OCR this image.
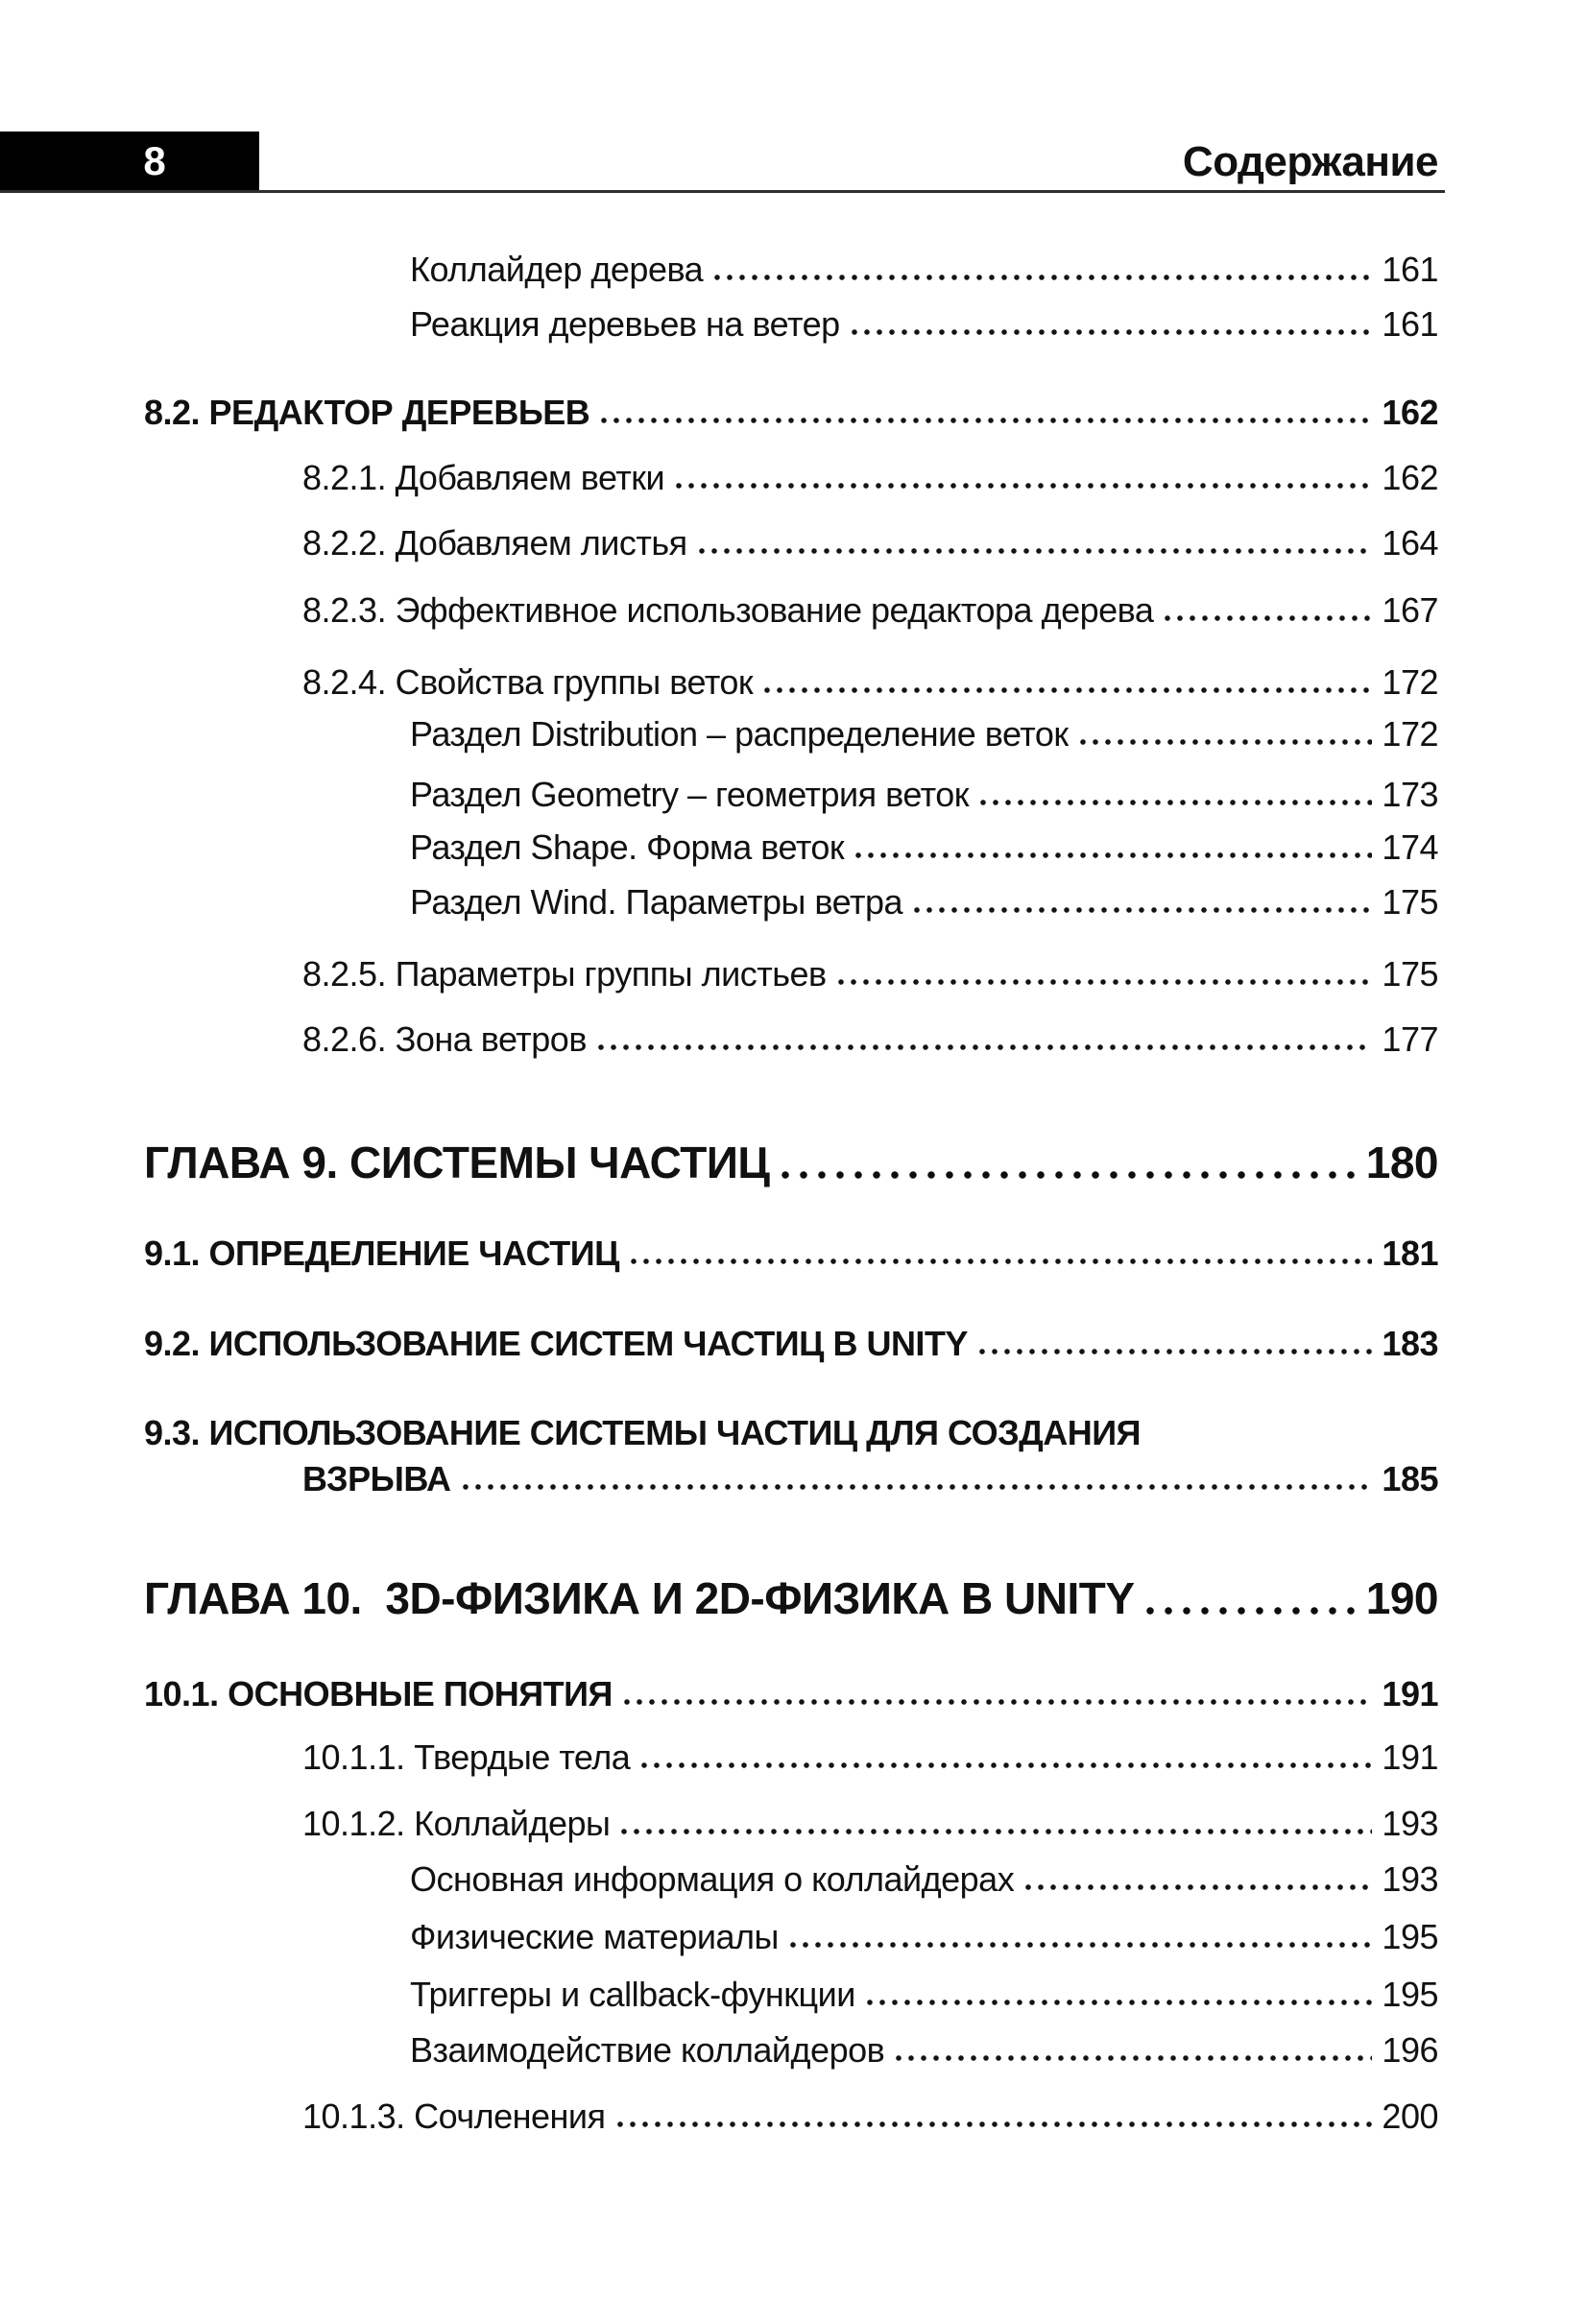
8	Содержание
Коллайдер дерева	161
Реакция деревьев на ветер	161
8.2. РЕДАКТОР ДЕРЕВЬЕВ	162
8.2.1. Добавляем ветки	162
8.2.2. Добавляем листья	164
8.2.3. Эффективное использование редактора дерева	167
8.2.4. Свойства группы веток	172
Раздел Distribution – распределение веток	172
Раздел Geometry – геометрия веток	173
Раздел Shape. Форма веток	174
Раздел Wind. Параметры ветра	175
8.2.5. Параметры группы листьев	175
8.2.6. Зона ветров	177
ГЛАВА 9. СИСТЕМЫ ЧАСТИЦ	180
9.1. ОПРЕДЕЛЕНИЕ ЧАСТИЦ	181
9.2. ИСПОЛЬЗОВАНИЕ СИСТЕМ ЧАСТИЦ В UNITY	183
9.3. ИСПОЛЬЗОВАНИЕ СИСТЕМЫ ЧАСТИЦ ДЛЯ СОЗДАНИЯ
ВЗРЫВА	185
ГЛАВА 10.  3D-ФИЗИКА И 2D-ФИЗИКА В UNITY	190
10.1. ОСНОВНЫЕ ПОНЯТИЯ	191
10.1.1. Твердые тела	191
10.1.2. Коллайдеры	193
Основная информация о коллайдерах	193
Физические материалы	195
Триггеры и callback-функции	195
Взаимодействие коллайдеров	196
10.1.3. Сочленения	200
